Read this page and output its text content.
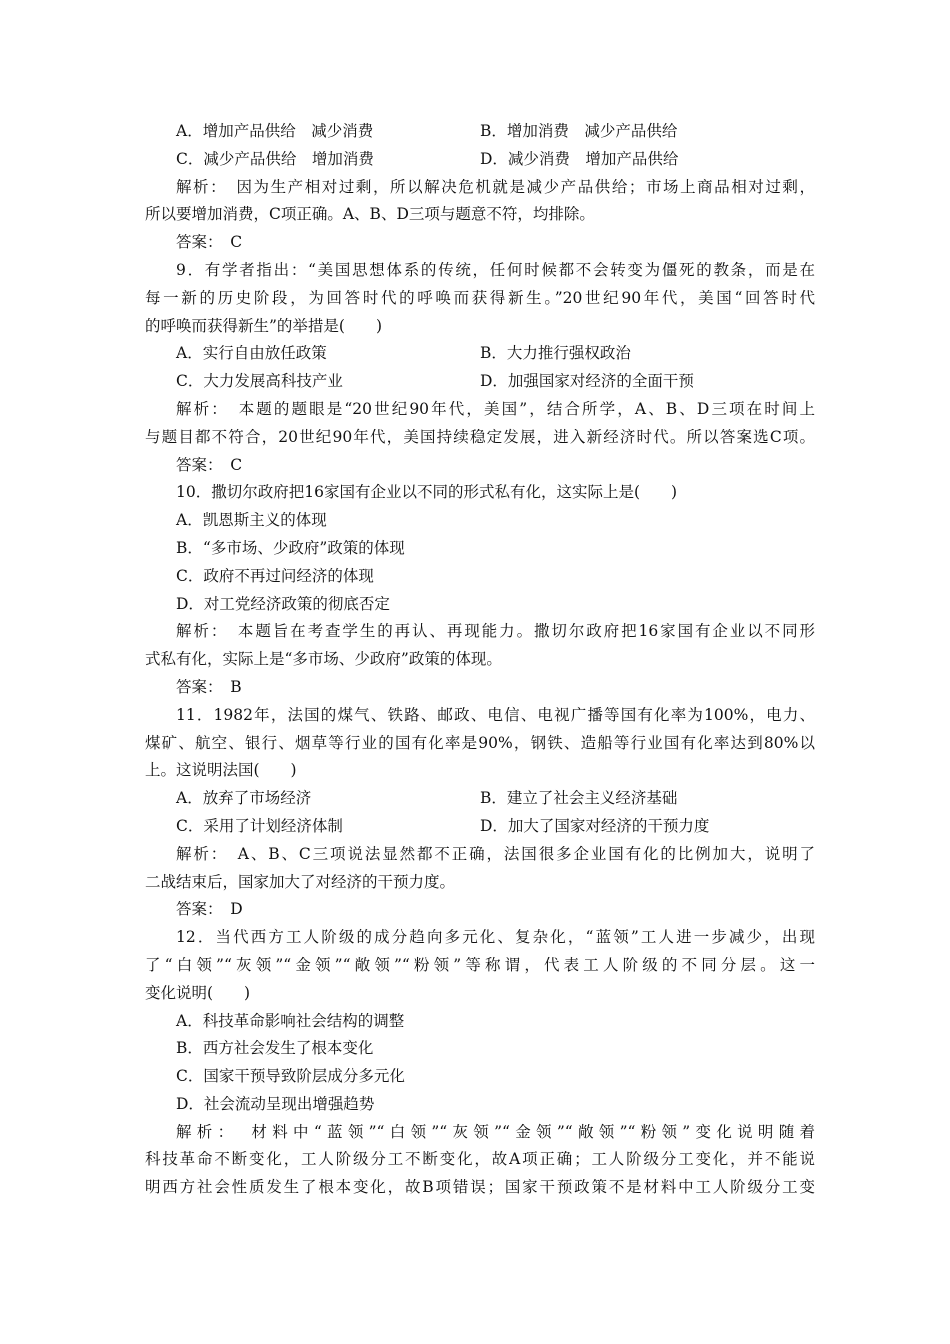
A．增加产品供给　减少消费	B．增加消费　减少产品供给
C．减少产品供给　增加消费	D．减少消费　增加产品供给
解析：　因为生产相对过剩，所以解决危机就是减少产品供给；市场上商品相对过剩，
所以要增加消费，C项正确。A、B、D三项与题意不符，均排除。
答案：　C
9．有学者指出：“美国思想体系的传统，任何时候都不会转变为僵死的教条，而是在
每一新的历史阶段，为回答时代的呼唤而获得新生。”20世纪90年代，美国“回答时代
的呼唤而获得新生”的举措是(　　)
A．实行自由放任政策	B．大力推行强权政治
C．大力发展高科技产业	D．加强国家对经济的全面干预
解析：　本题的题眼是“20世纪90年代，美国”，结合所学，A、B、D三项在时间上
与题目都不符合，20世纪90年代，美国持续稳定发展，进入新经济时代。所以答案选C项。
答案：　C
10．撒切尔政府把16家国有企业以不同的形式私有化，这实际上是(　　)
A．凯恩斯主义的体现
B．“多市场、少政府”政策的体现
C．政府不再过问经济的体现
D．对工党经济政策的彻底否定
解析：　本题旨在考查学生的再认、再现能力。撒切尔政府把16家国有企业以不同形
式私有化，实际上是“多市场、少政府”政策的体现。
答案：　B
11．1982年，法国的煤气、铁路、邮政、电信、电视广播等国有化率为100%，电力、
煤矿、航空、银行、烟草等行业的国有化率是90%，钢铁、造船等行业国有化率达到80%以
上。这说明法国(　　)
A．放弃了市场经济	B．建立了社会主义经济基础
C．采用了计划经济体制	D．加大了国家对经济的干预力度
解析：　A、B、C三项说法显然都不正确，法国很多企业国有化的比例加大，说明了
二战结束后，国家加大了对经济的干预力度。
答案：　D
12．当代西方工人阶级的成分趋向多元化、复杂化，“蓝领”工人进一步减少，出现
了“白领”“灰领”“金领”“敞领”“粉领”等称谓，代表工人阶级的不同分层。这一
变化说明(　　)
A．科技革命影响社会结构的调整
B．西方社会发生了根本变化
C．国家干预导致阶层成分多元化
D．社会流动呈现出增强趋势
解析：　材料中“蓝领”“白领”“灰领”“金领”“敞领”“粉领”变化说明随着
科技革命不断变化，工人阶级分工不断变化，故A项正确；工人阶级分工变化，并不能说
明西方社会性质发生了根本变化，故B项错误；国家干预政策不是材料中工人阶级分工变
